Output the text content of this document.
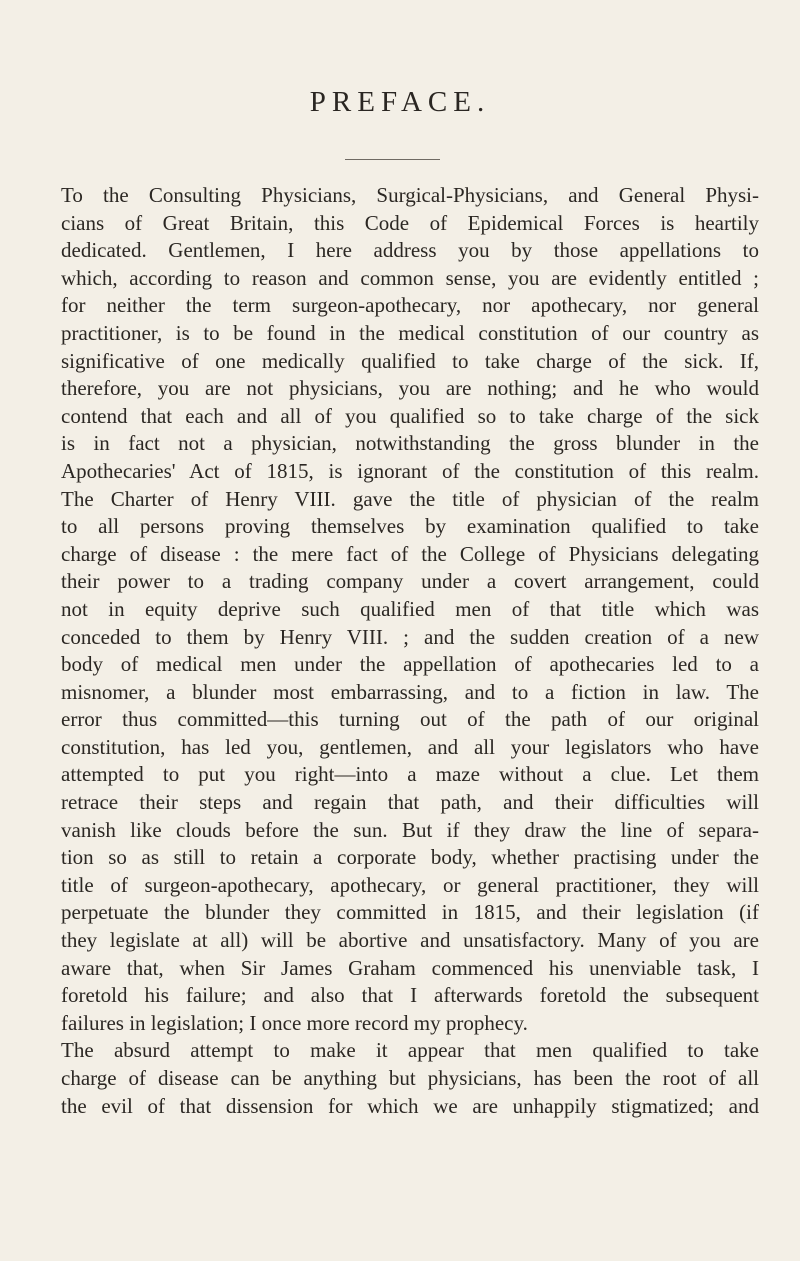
PREFACE.
To the Consulting Physicians, Surgical-Physicians, and General Physi-
cians of Great Britain, this Code of Epidemical Forces is heartily
dedicated. Gentlemen, I here address you by those appellations to
which, according to reason and common sense, you are evidently entitled ;
for neither the term surgeon-apothecary, nor apothecary, nor general
practitioner, is to be found in the medical constitution of our country as
significative of one medically qualified to take charge of the sick. If,
therefore, you are not physicians, you are nothing; and he who would
contend that each and all of you qualified so to take charge of the sick
is in fact not a physician, notwithstanding the gross blunder in the
Apothecaries' Act of 1815, is ignorant of the constitution of this realm.
The Charter of Henry VIII. gave the title of physician of the realm
to all persons proving themselves by examination qualified to take
charge of disease : the mere fact of the College of Physicians delegating
their power to a trading company under a covert arrangement, could
not in equity deprive such qualified men of that title which was
conceded to them by Henry VIII. ; and the sudden creation of a new
body of medical men under the appellation of apothecaries led to a
misnomer, a blunder most embarrassing, and to a fiction in law. The
error thus committed—this turning out of the path of our original
constitution, has led you, gentlemen, and all your legislators who have
attempted to put you right—into a maze without a clue. Let them
retrace their steps and regain that path, and their difficulties will
vanish like clouds before the sun. But if they draw the line of separa-
tion so as still to retain a corporate body, whether practising under the
title of surgeon-apothecary, apothecary, or general practitioner, they will
perpetuate the blunder they committed in 1815, and their legislation (if
they legislate at all) will be abortive and unsatisfactory. Many of you are
aware that, when Sir James Graham commenced his unenviable task, I
foretold his failure; and also that I afterwards foretold the subsequent
failures in legislation; I once more record my prophecy.
The absurd attempt to make it appear that men qualified to take
charge of disease can be anything but physicians, has been the root of all
the evil of that dissension for which we are unhappily stigmatized; and
